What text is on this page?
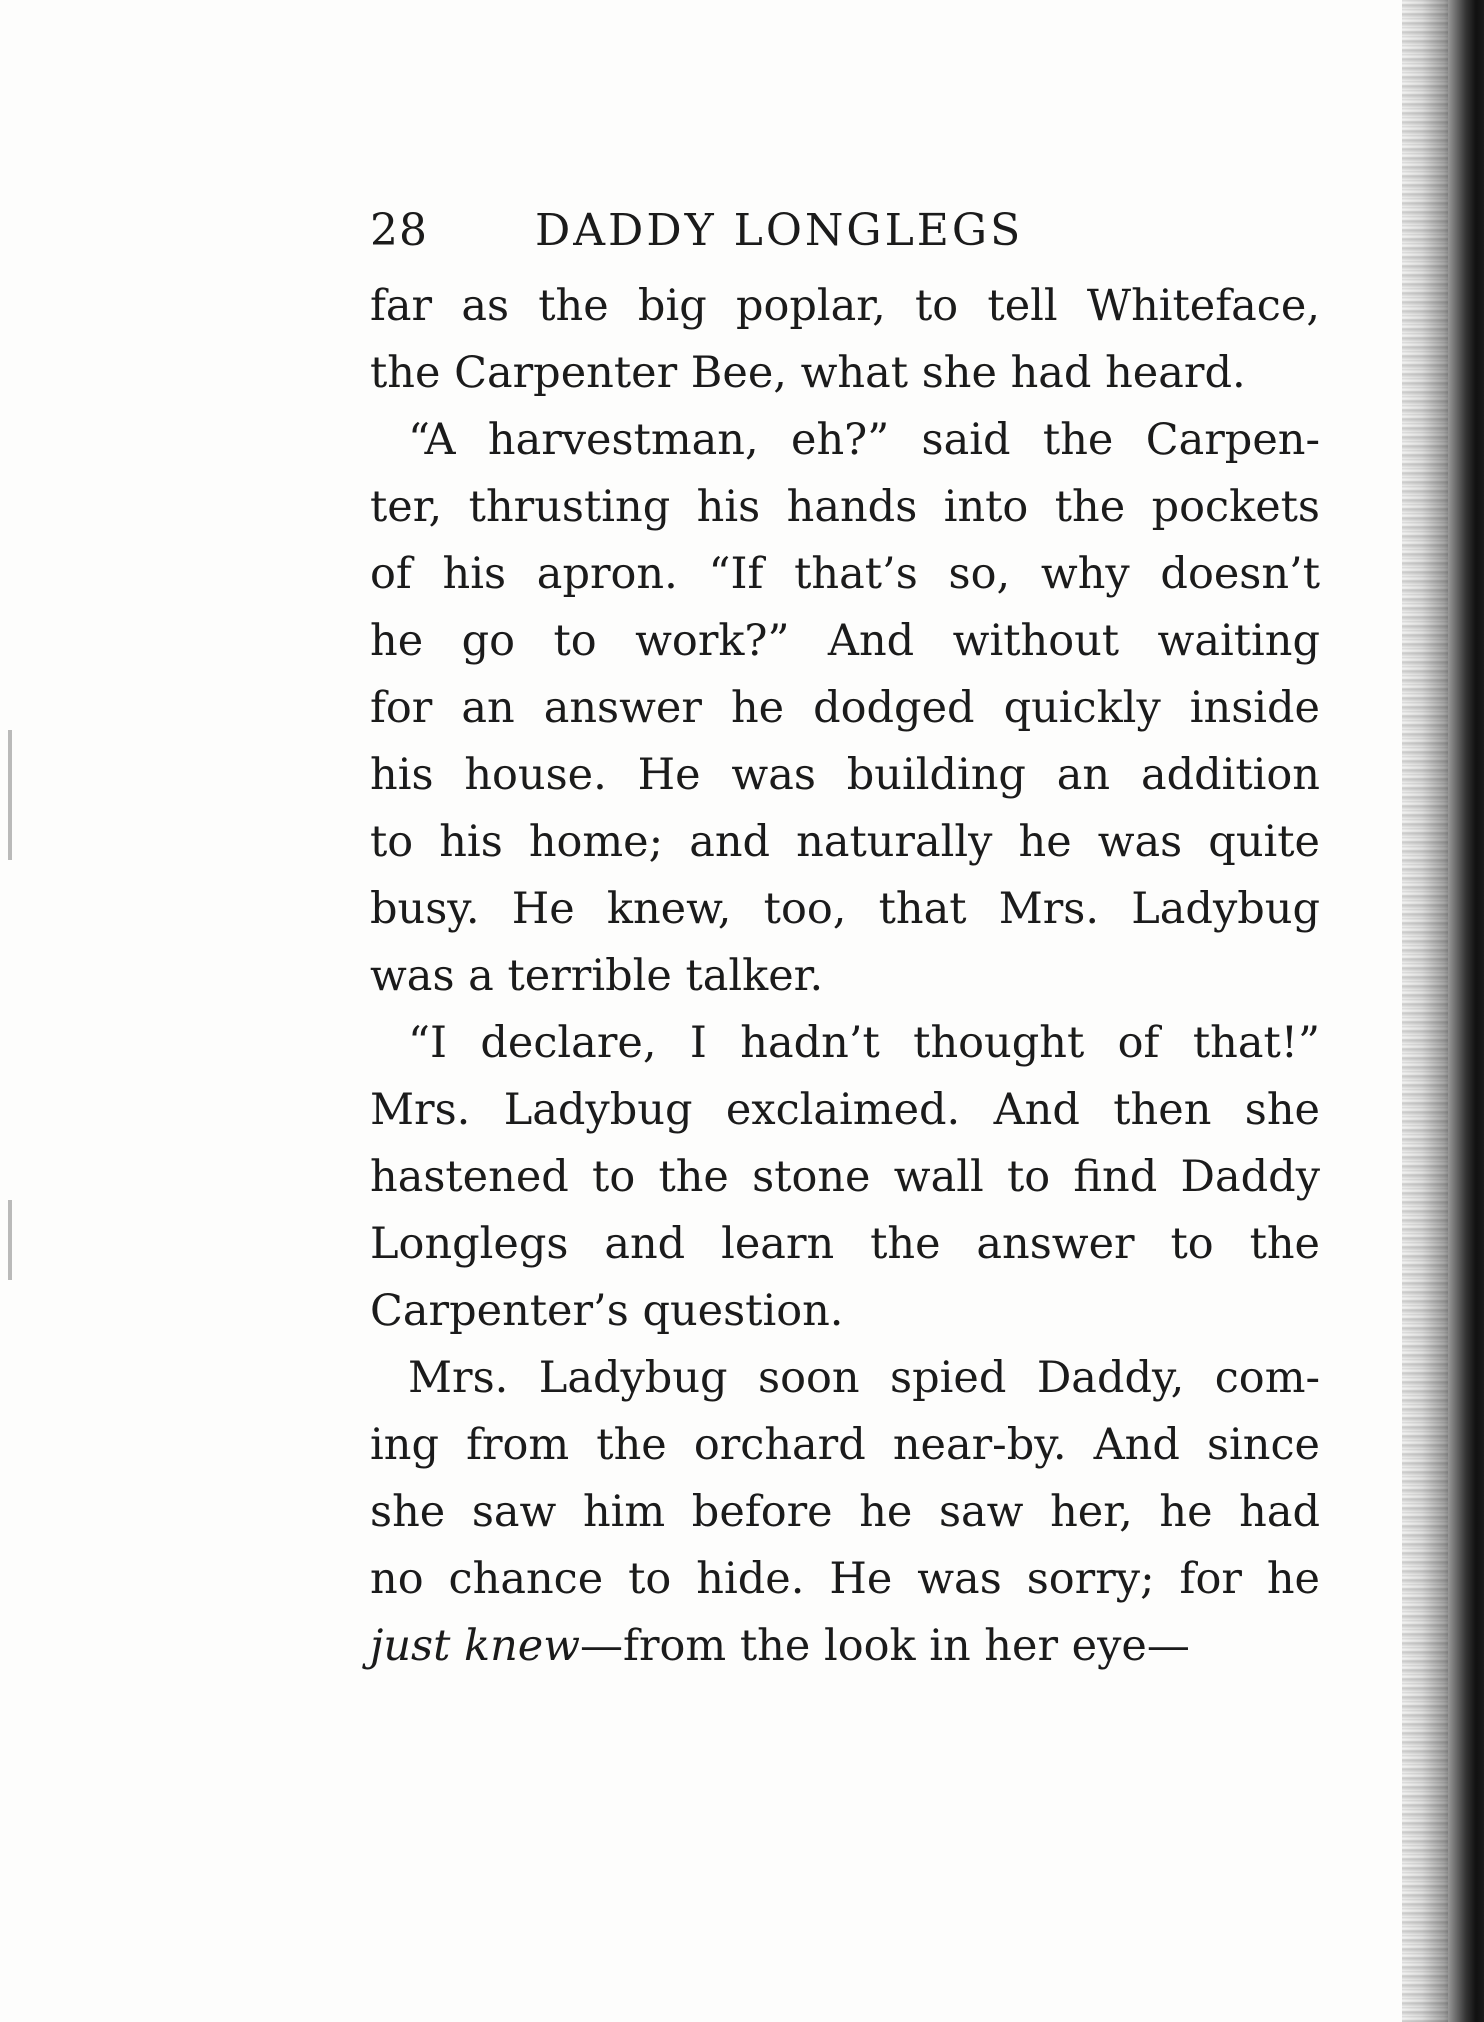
28	DADDY LONGLEGS
far as the big poplar, to tell Whiteface,
the Carpenter Bee, what she had heard.
“A harvestman, eh?” said the Carpen-
ter, thrusting his hands into the pockets
of his apron. “If that’s so, why doesn’t
he go to work?” And without waiting
for an answer he dodged quickly inside
his house. He was building an addition
to his home; and naturally he was quite
busy. He knew, too, that Mrs. Ladybug
was a terrible talker.
“I declare, I hadn’t thought of that!”
Mrs. Ladybug exclaimed. And then she
hastened to the stone wall to find Daddy
Longlegs and learn the answer to the
Carpenter’s question.
Mrs. Ladybug soon spied Daddy, com-
ing from the orchard near-by. And since
she saw him before he saw her, he had
no chance to hide. He was sorry; for he
just knew—from the look in her eye—
